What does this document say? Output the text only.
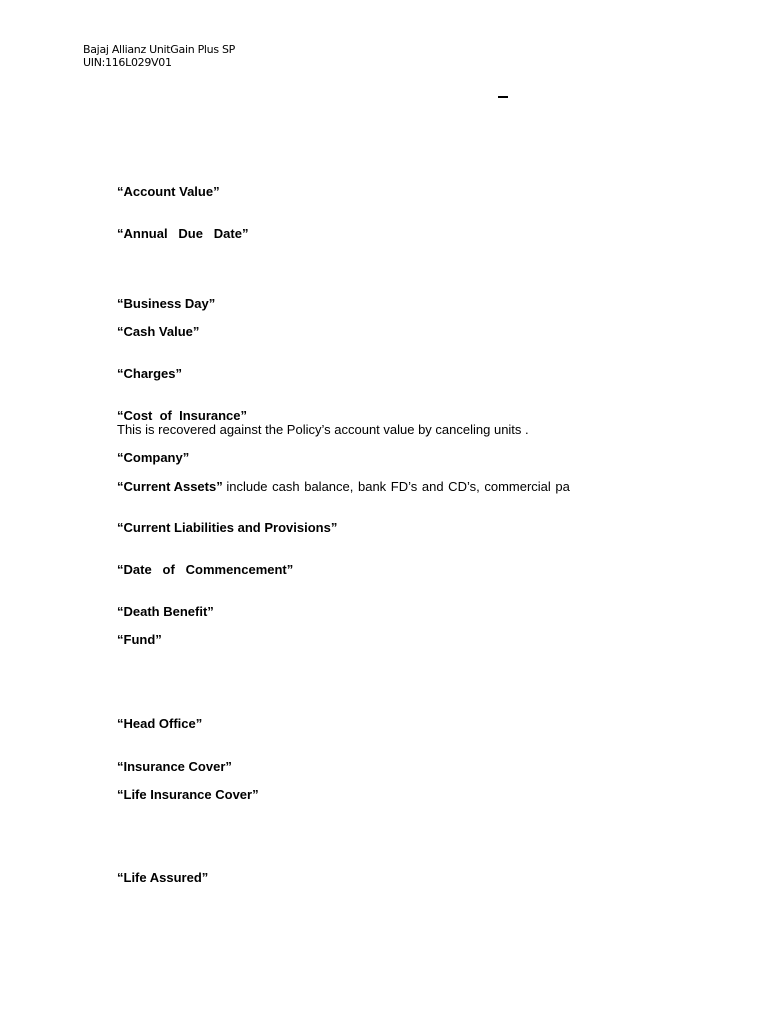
Bajaj Allianz UnitGain Plus SP
UIN:116L029V01
“Account Value”
“Annual   Due   Date”
“Business Day”
“Cash Value”
“Charges”
“Cost  of  Insurance”
This is recovered against the Policy’s account value by canceling units .
“Company”
“Current Assets” include cash balance, bank FD’s and CD’s, commercial pa
“Current Liabilities and Provisions”
“Date   of   Commencement”
“Death Benefit”
“Fund”
“Head Office”
“Insurance Cover”
“Life Insurance Cover”
“Life Assured”
